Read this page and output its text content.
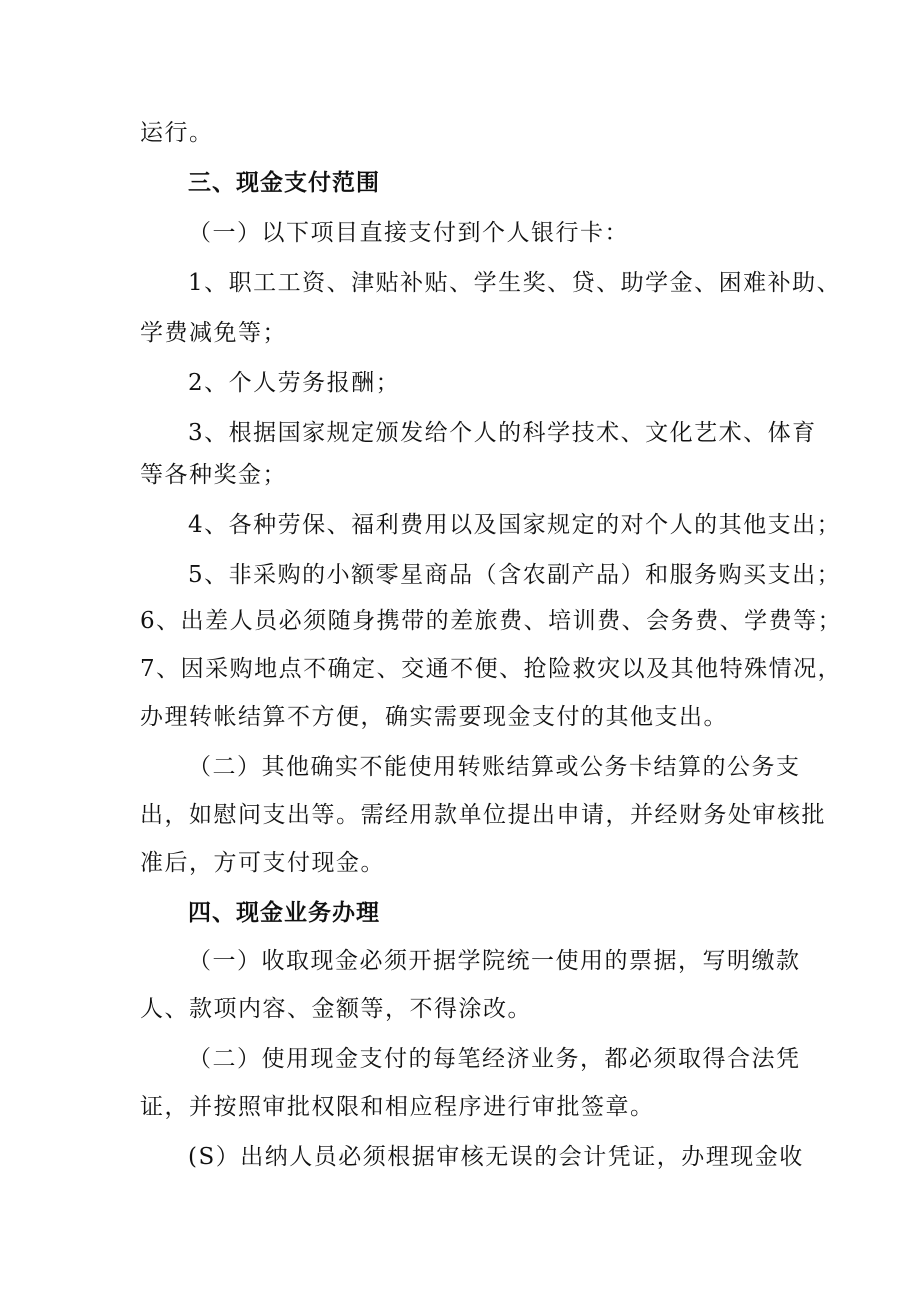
运行。
三、现金支付范围
（一）以下项目直接支付到个人银行卡：
1、职工工资、津贴补贴、学生奖、贷、助学金、困难补助、
学费减免等；
2、个人劳务报酬；
3、根据国家规定颁发给个人的科学技术、文化艺术、体育
等各种奖金；
4、各种劳保、福利费用以及国家规定的对个人的其他支出；
5、非采购的小额零星商品（含农副产品）和服务购买支出；
6、出差人员必须随身携带的差旅费、培训费、会务费、学费等；
7、因采购地点不确定、交通不便、抢险救灾以及其他特殊情况，
办理转帐结算不方便，确实需要现金支付的其他支出。
（二）其他确实不能使用转账结算或公务卡结算的公务支
出，如慰问支出等。需经用款单位提出申请，并经财务处审核批
准后，方可支付现金。
四、现金业务办理
（一）收取现金必须开据学院统一使用的票据，写明缴款
人、款项内容、金额等，不得涂改。
（二）使用现金支付的每笔经济业务，都必须取得合法凭
证，并按照审批权限和相应程序进行审批签章。
(S）出纳人员必须根据审核无误的会计凭证，办理现金收
